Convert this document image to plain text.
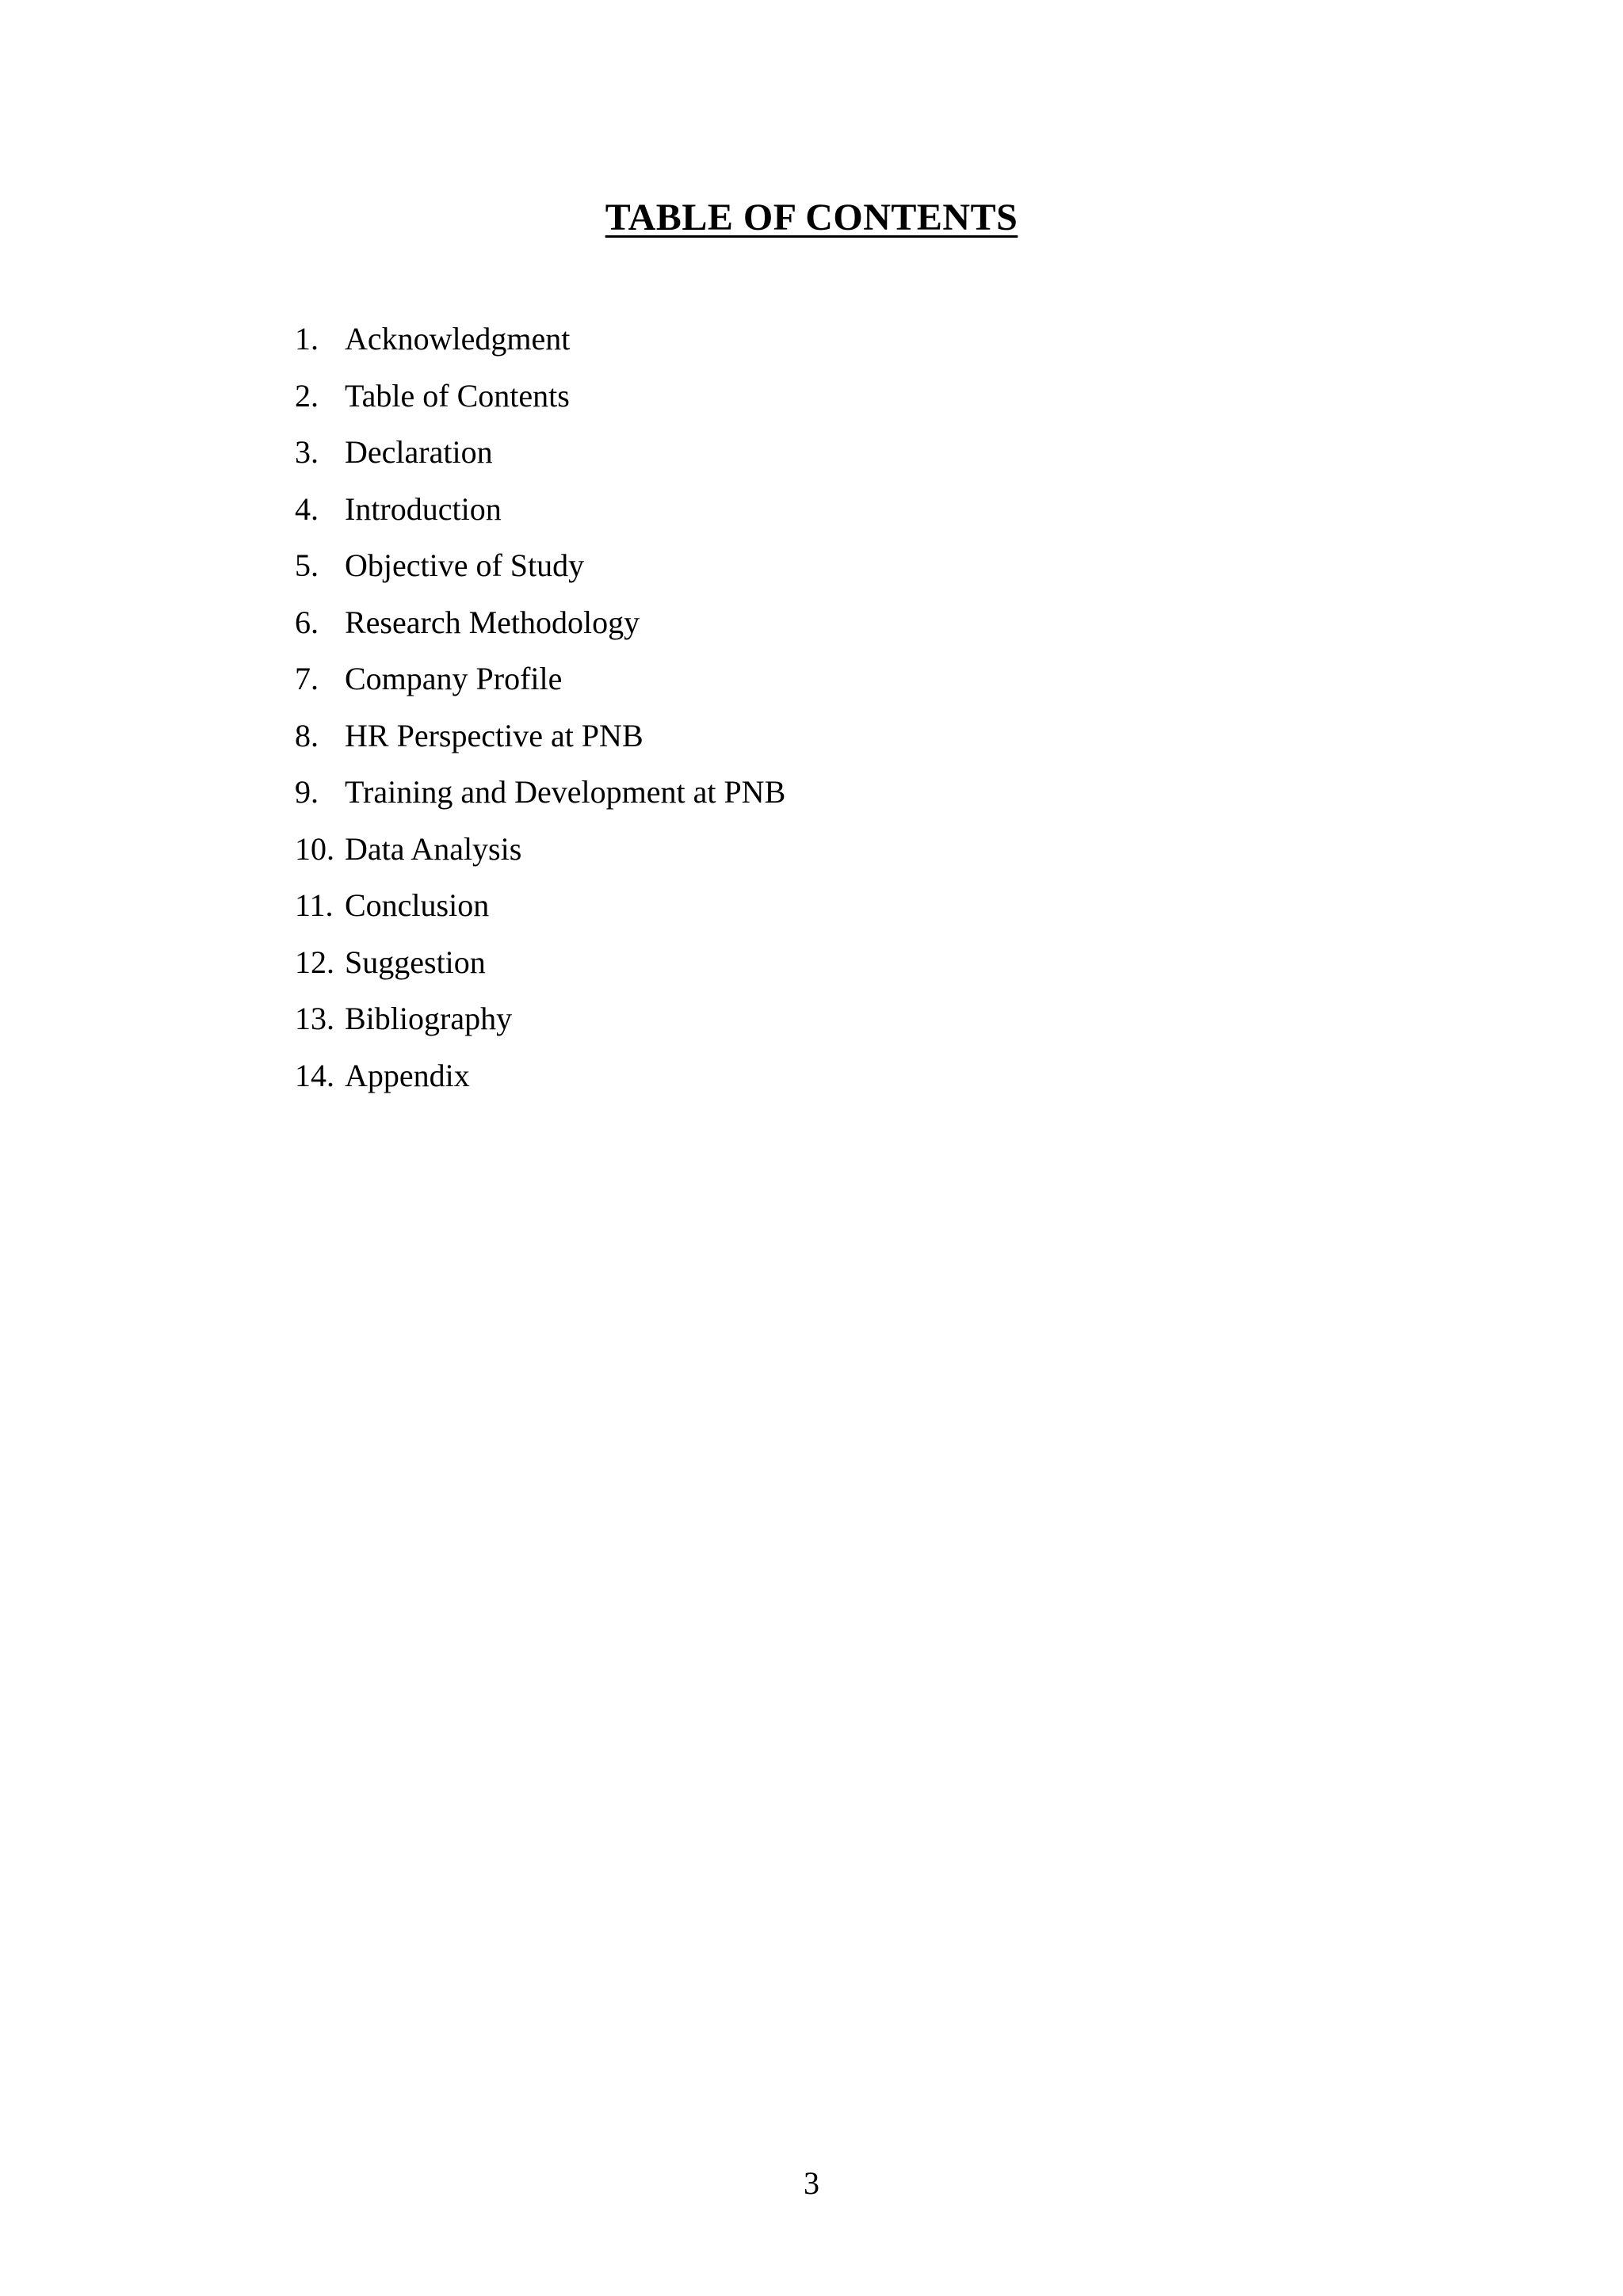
TABLE OF CONTENTS
1. Acknowledgment
2. Table of Contents
3. Declaration
4. Introduction
5. Objective of Study
6. Research Methodology
7. Company Profile
8. HR Perspective at PNB
9. Training and Development at PNB
10. Data Analysis
11. Conclusion
12. Suggestion
13. Bibliography
14. Appendix
3
